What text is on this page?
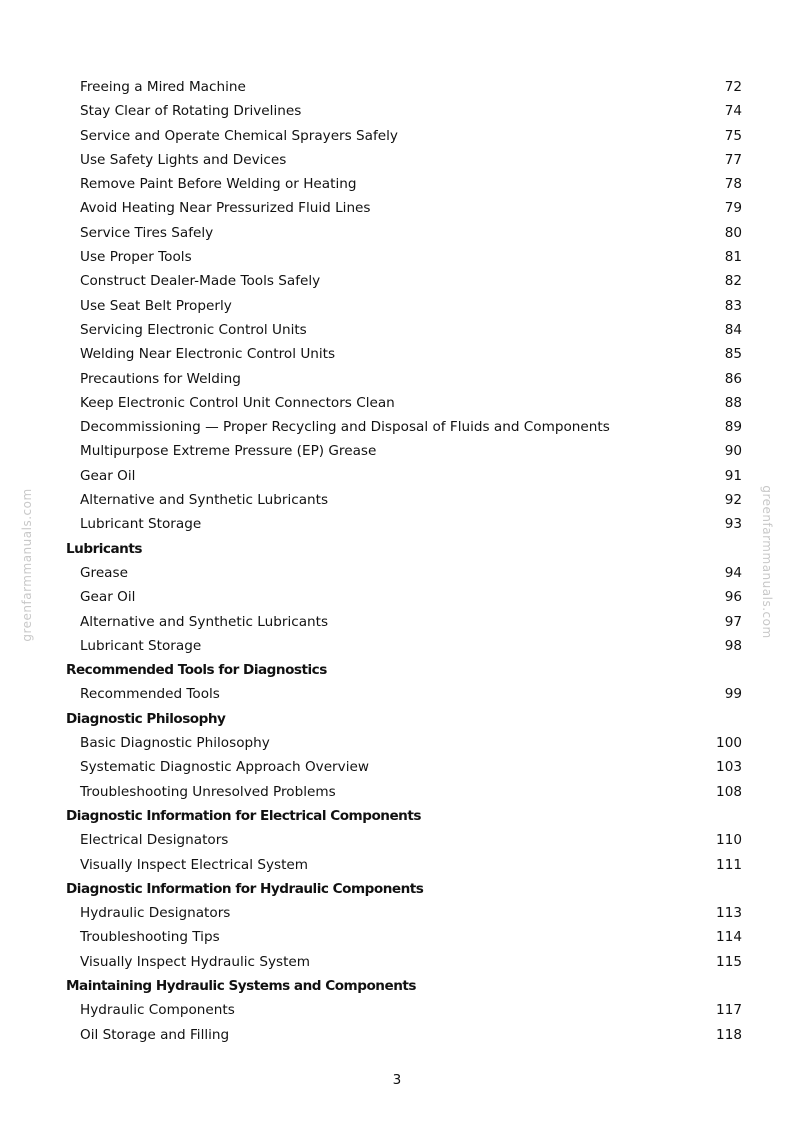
greenfarmmanuals.com	greenfarmmanuals.com
Freeing a Mired Machine	72
Stay Clear of Rotating Drivelines	74
Service and Operate Chemical Sprayers Safely	75
Use Safety Lights and Devices	77
Remove Paint Before Welding or Heating	78
Avoid Heating Near Pressurized Fluid Lines	79
Service Tires Safely	80
Use Proper Tools	81
Construct Dealer-Made Tools Safely	82
Use Seat Belt Properly	83
Servicing Electronic Control Units	84
Welding Near Electronic Control Units	85
Precautions for Welding	86
Keep Electronic Control Unit Connectors Clean	88
Decommissioning — Proper Recycling and Disposal of Fluids and Components	89
Multipurpose Extreme Pressure (EP) Grease	90
Gear Oil	91
Alternative and Synthetic Lubricants	92
Lubricant Storage	93
Lubricants
Grease	94
Gear Oil	96
Alternative and Synthetic Lubricants	97
Lubricant Storage	98
Recommended Tools for Diagnostics
Recommended Tools	99
Diagnostic Philosophy
Basic Diagnostic Philosophy	100
Systematic Diagnostic Approach Overview	103
Troubleshooting Unresolved Problems	108
Diagnostic Information for Electrical Components
Electrical Designators	110
Visually Inspect Electrical System	111
Diagnostic Information for Hydraulic Components
Hydraulic Designators	113
Troubleshooting Tips	114
Visually Inspect Hydraulic System	115
Maintaining Hydraulic Systems and Components
Hydraulic Components	117
Oil Storage and Filling	118
3
